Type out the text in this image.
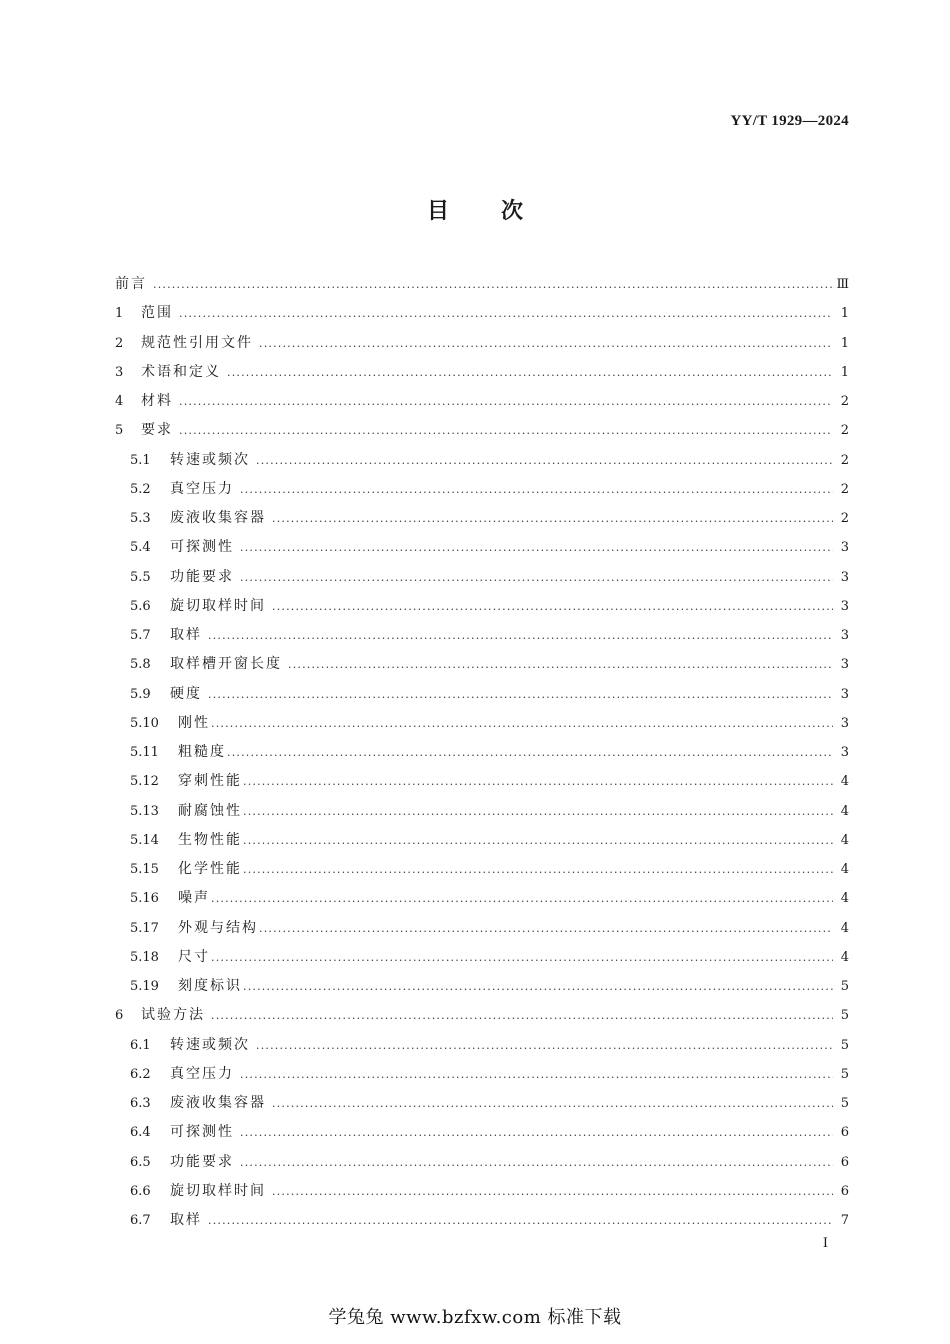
YY/T 1929—2024
目次
前言 .....	Ⅲ
1	范围 .....	1
2	规范性引用文件 .....	1
3	术语和定义 .....	1
4	材料 .....	2
5	要求 .....	2
5.1	转速或频次 .....	2
5.2	真空压力 .....	2
5.3	废液收集容器 .....	2
5.4	可探测性 .....	3
5.5	功能要求 .....	3
5.6	旋切取样时间 .....	3
5.7	取样 .....	3
5.8	取样槽开窗长度 .....	3
5.9	硬度 .....	3
5.10	刚性 .....	3
5.11	粗糙度 .....	3
5.12	穿刺性能 .....	4
5.13	耐腐蚀性 .....	4
5.14	生物性能 .....	4
5.15	化学性能 .....	4
5.16	噪声 .....	4
5.17	外观与结构 .....	4
5.18	尺寸 .....	4
5.19	刻度标识 .....	5
6	试验方法 .....	5
6.1	转速或频次 .....	5
6.2	真空压力 .....	5
6.3	废液收集容器 .....	5
6.4	可探测性 .....	6
6.5	功能要求 .....	6
6.6	旋切取样时间 .....	6
6.7	取样 .....	7
I
学兔兔 www.bzfxw.com 标准下载
